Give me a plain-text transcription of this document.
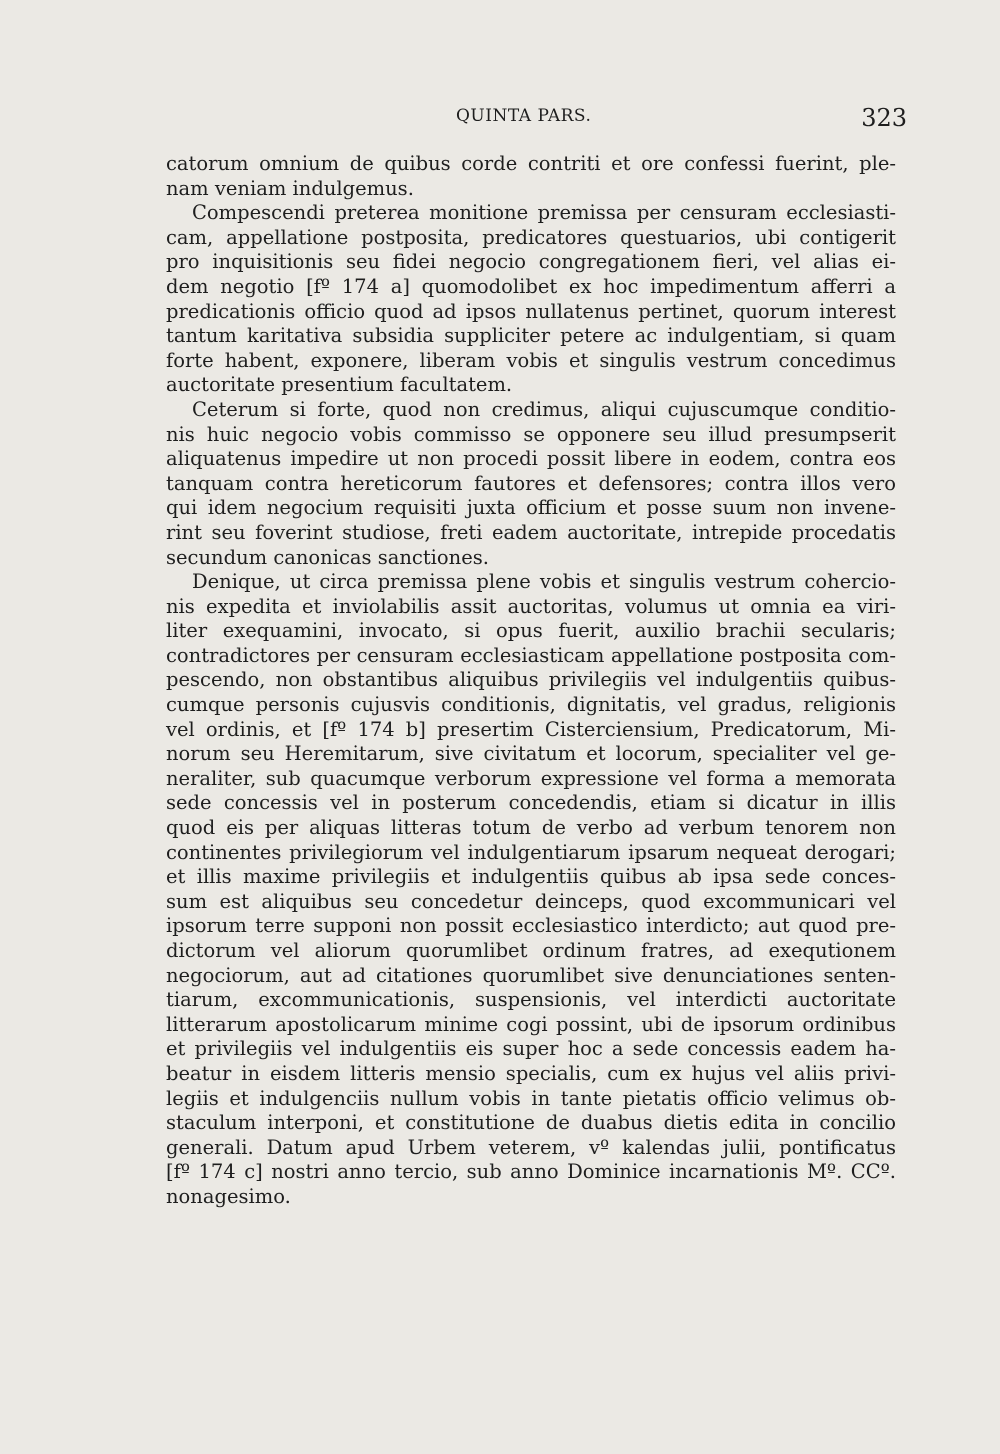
QUINTA PARS.	323
catorum omnium de quibus corde contriti et ore confessi fuerint, ple-
nam veniam indulgemus.
Compescendi preterea monitione premissa per censuram ecclesiasti-
cam, appellatione postposita, predicatores questuarios, ubi contigerit
pro inquisitionis seu fidei negocio congregationem fieri, vel alias ei-
dem negotio [fº 174 a] quomodolibet ex hoc impedimentum afferri a
predicationis officio quod ad ipsos nullatenus pertinet, quorum interest
tantum karitativa subsidia suppliciter petere ac indulgentiam, si quam
forte habent, exponere, liberam vobis et singulis vestrum concedimus
auctoritate presentium facultatem.
Ceterum si forte, quod non credimus, aliqui cujuscumque conditio-
nis huic negocio vobis commisso se opponere seu illud presumpserit
aliquatenus impedire ut non procedi possit libere in eodem, contra eos
tanquam contra hereticorum fautores et defensores; contra illos vero
qui idem negocium requisiti juxta officium et posse suum non invene-
rint seu foverint studiose, freti eadem auctoritate, intrepide procedatis
secundum canonicas sanctiones.
Denique, ut circa premissa plene vobis et singulis vestrum cohercio-
nis expedita et inviolabilis assit auctoritas, volumus ut omnia ea viri-
liter exequamini, invocato, si opus fuerit, auxilio brachii secularis;
contradictores per censuram ecclesiasticam appellatione postposita com-
pescendo, non obstantibus aliquibus privilegiis vel indulgentiis quibus-
cumque personis cujusvis conditionis, dignitatis, vel gradus, religionis
vel ordinis, et [fº 174 b] presertim Cisterciensium, Predicatorum, Mi-
norum seu Heremitarum, sive civitatum et locorum, specialiter vel ge-
neraliter, sub quacumque verborum expressione vel forma a memorata
sede concessis vel in posterum concedendis, etiam si dicatur in illis
quod eis per aliquas litteras totum de verbo ad verbum tenorem non
continentes privilegiorum vel indulgentiarum ipsarum nequeat derogari;
et illis maxime privilegiis et indulgentiis quibus ab ipsa sede conces-
sum est aliquibus seu concedetur deinceps, quod excommunicari vel
ipsorum terre supponi non possit ecclesiastico interdicto; aut quod pre-
dictorum vel aliorum quorumlibet ordinum fratres, ad exequtionem
negociorum, aut ad citationes quorumlibet sive denunciationes senten-
tiarum, excommunicationis, suspensionis, vel interdicti auctoritate
litterarum apostolicarum minime cogi possint, ubi de ipsorum ordinibus
et privilegiis vel indulgentiis eis super hoc a sede concessis eadem ha-
beatur in eisdem litteris mensio specialis, cum ex hujus vel aliis privi-
legiis et indulgenciis nullum vobis in tante pietatis officio velimus ob-
staculum interponi, et constitutione de duabus dietis edita in concilio
generali. Datum apud Urbem veterem, vº kalendas julii, pontificatus
[fº 174 c] nostri anno tercio, sub anno Dominice incarnationis Mº. CCº.
nonagesimo.
